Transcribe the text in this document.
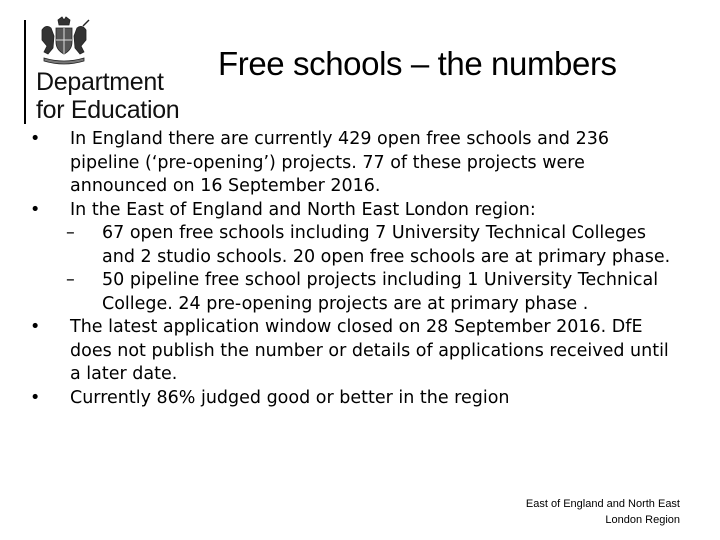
Department
for Education
Free schools – the numbers
• In England there are currently 429 open free schools and 236 pipeline (‘pre-opening’) projects. 77 of these projects were announced on 16 September 2016.
• In the East of England and North East London region:
– 67 open free schools including 7 University Technical Colleges and 2 studio schools. 20 open free schools are at primary phase.
– 50 pipeline free school projects including 1 University Technical College. 24 pre-opening projects are at primary phase .
• The latest application window closed on 28 September 2016. DfE does not publish the number or details of applications received until a later date.
• Currently 86% judged good or better in the region
East of England and North East
London Region
